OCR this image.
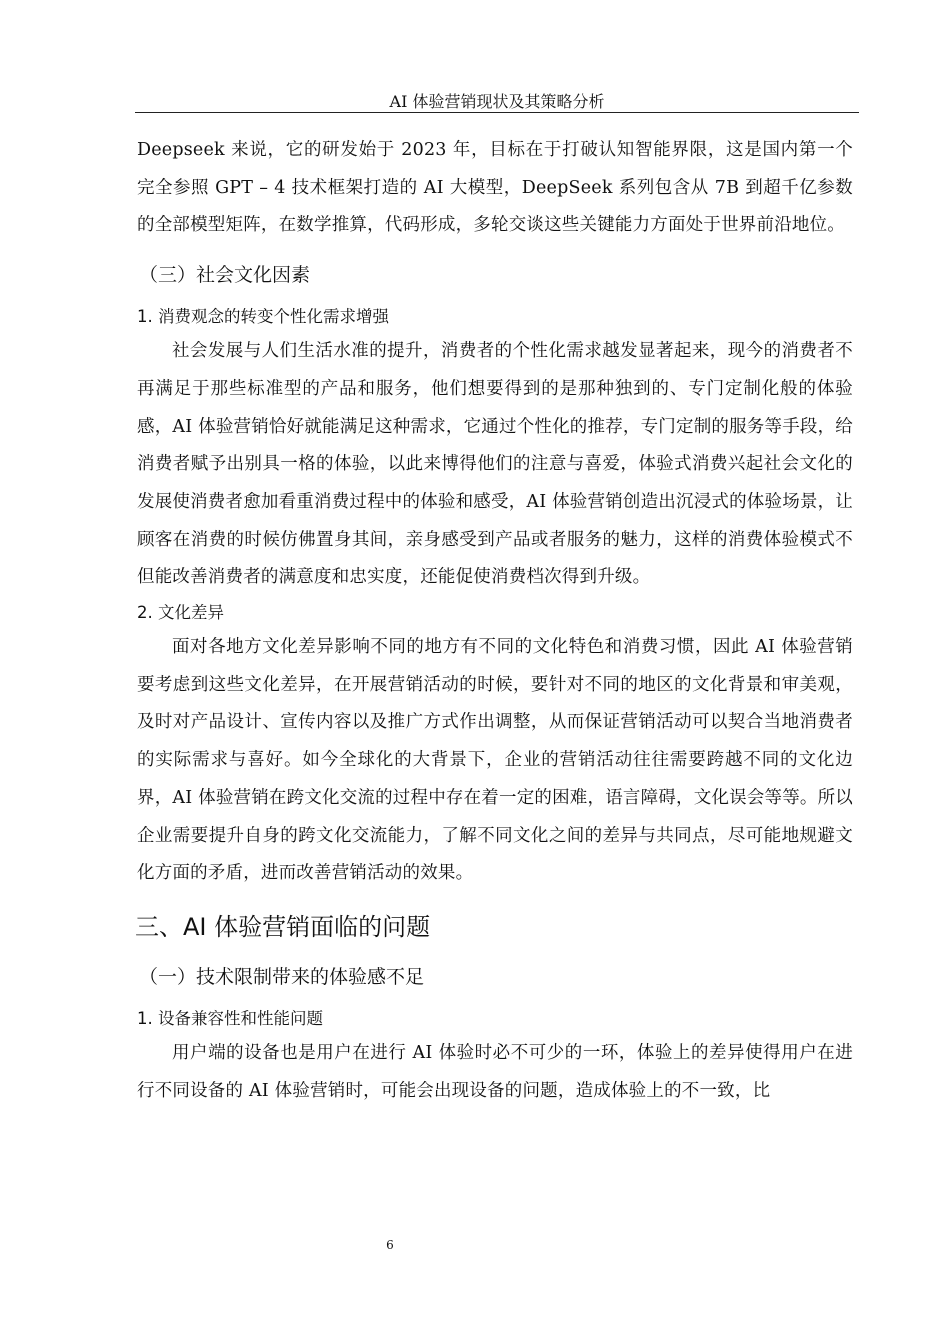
AI 体验营销现状及其策略分析

Deepseek 来说，它的研发始于 2023 年，目标在于打破认知智能界限，这是国内第一个完全参照 GPT – 4 技术框架打造的 AI 大模型，DeepSeek 系列包含从 7B 到超千亿参数的全部模型矩阵，在数学推算，代码形成，多轮交谈这些关键能力方面处于世界前沿地位。

（三）社会文化因素
1. 消费观念的转变个性化需求增强

社会发展与人们生活水准的提升，消费者的个性化需求越发显著起来，现今的消费者不再满足于那些标准型的产品和服务，他们想要得到的是那种独到的、专门定制化般的体验感，AI 体验营销恰好就能满足这种需求，它通过个性化的推荐，专门定制的服务等手段，给消费者赋予出别具一格的体验，以此来博得他们的注意与喜爱，体验式消费兴起社会文化的发展使消费者愈加看重消费过程中的体验和感受，AI 体验营销创造出沉浸式的体验场景，让顾客在消费的时候仿佛置身其间，亲身感受到产品或者服务的魅力，这样的消费体验模式不但能改善消费者的满意度和忠实度，还能促使消费档次得到升级。

2. 文化差异

面对各地方文化差异影响不同的地方有不同的文化特色和消费习惯，因此 AI 体验营销要考虑到这些文化差异，在开展营销活动的时候，要针对不同的地区的文化背景和审美观，及时对产品设计、宣传内容以及推广方式作出调整，从而保证营销活动可以契合当地消费者的实际需求与喜好。如今全球化的大背景下，企业的营销活动往往需要跨越不同的文化边界，AI 体验营销在跨文化交流的过程中存在着一定的困难，语言障碍，文化误会等等。所以企业需要提升自身的跨文化交流能力，了解不同文化之间的差异与共同点，尽可能地规避文化方面的矛盾，进而改善营销活动的效果。

三、AI 体验营销面临的问题
（一）技术限制带来的体验感不足
1. 设备兼容性和性能问题

用户端的设备也是用户在进行 AI 体验时必不可少的一环，体验上的差异使得用户在进行不同设备的 AI 体验营销时，可能会出现设备的问题，造成体验上的不一致，比

6
